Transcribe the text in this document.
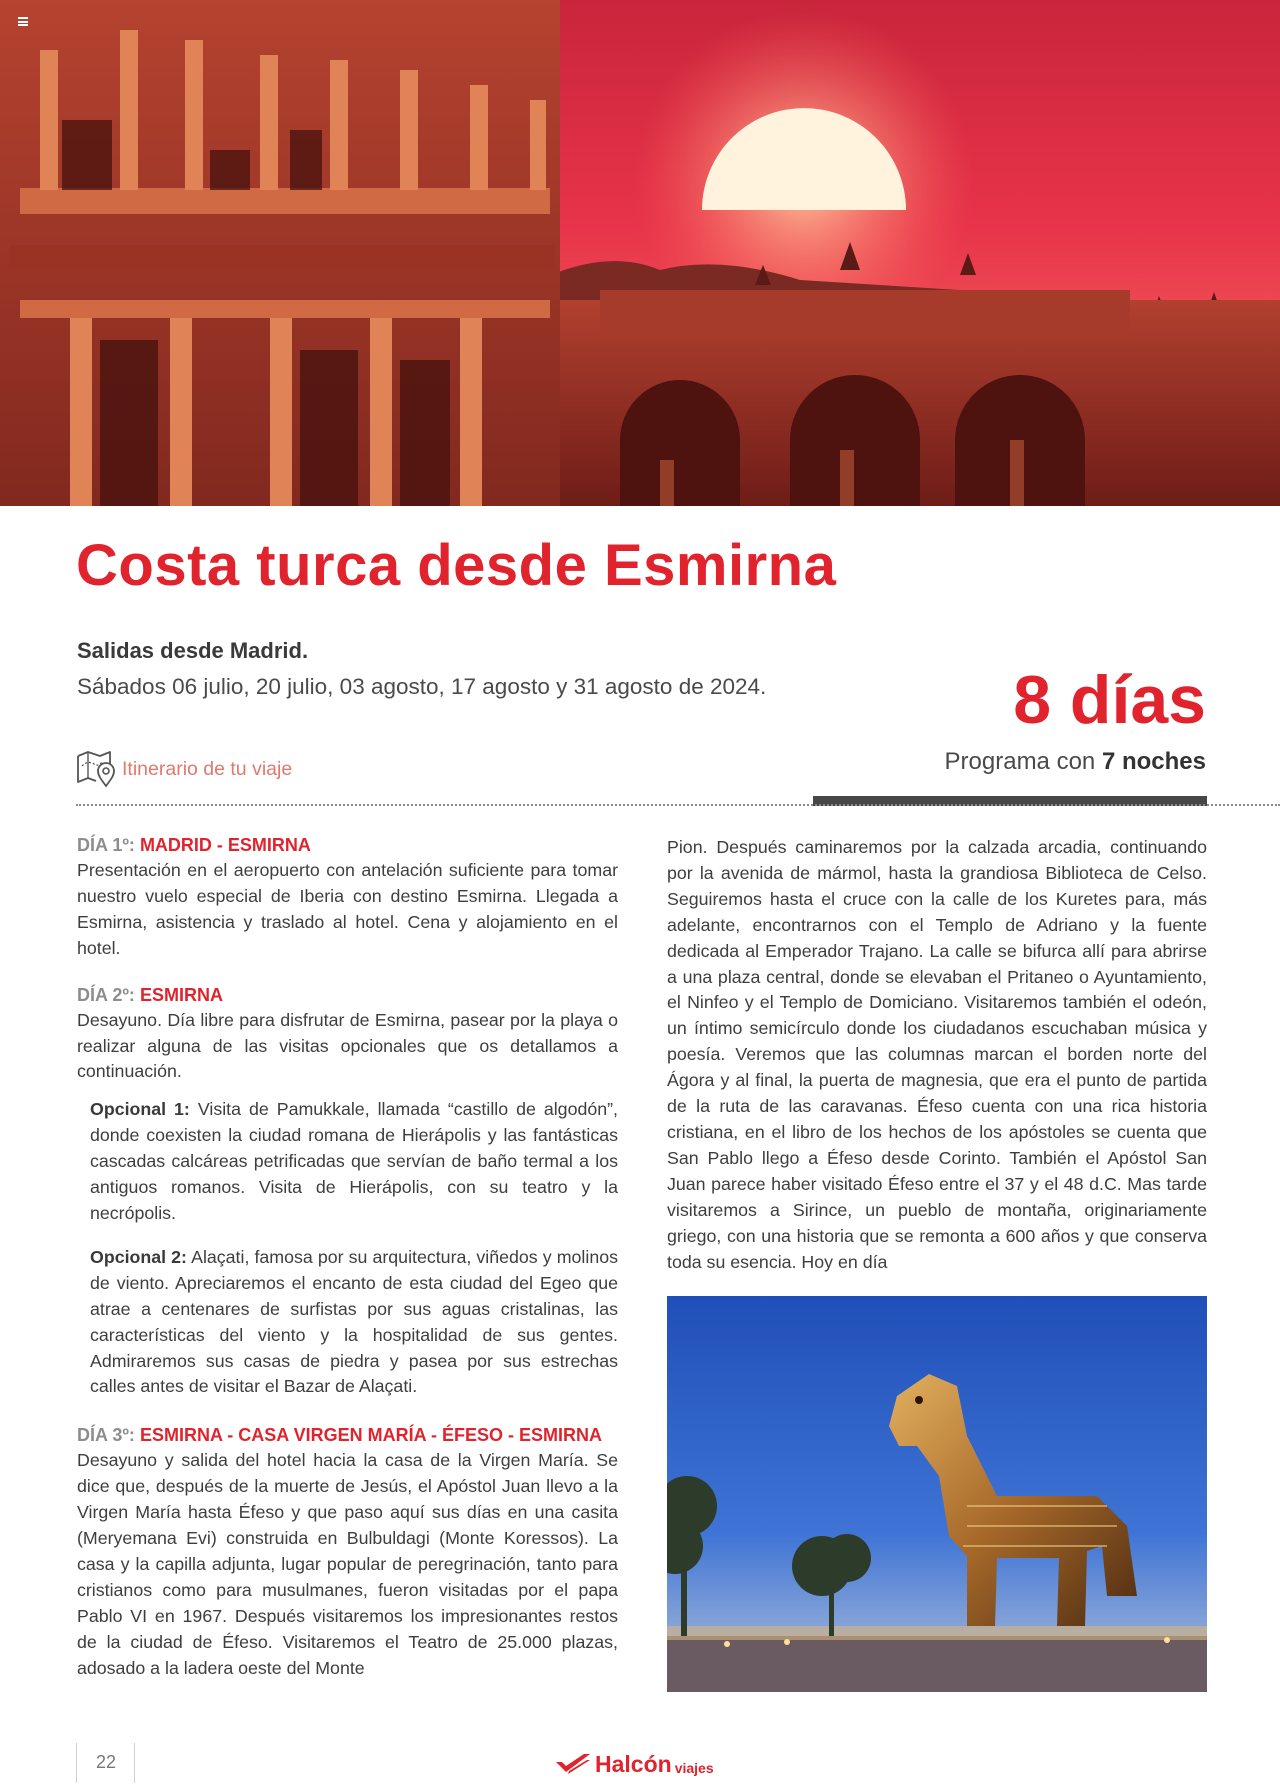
Costa turca desde Esmirna
Salidas desde Madrid.
Sábados 06 julio, 20 julio, 03 agosto, 17 agosto y 31 agosto de 2024.	8 días
Programa con 7 noches
Itinerario de tu viaje
DÍA 1º: MADRID - ESMIRNA

Presentación en el aeropuerto con antelación suficiente para tomar nuestro vuelo especial de Iberia con destino Esmirna. Llegada a Esmirna, asistencia y traslado al hotel. Cena y alojamiento en el hotel.

DÍA 2º: ESMIRNA

Desayuno. Día libre para disfrutar de Esmirna, pasear por la playa o realizar alguna de las visitas opcionales que os detallamos a continuación.

Opcional 1: Visita de Pamukkale, llamada “castillo de algodón”, donde coexisten la ciudad romana de Hierápolis y las fantásticas cascadas calcáreas petrificadas que servían de baño termal a los antiguos romanos. Visita de Hierápolis, con su teatro y la necrópolis.

Opcional 2: Alaçati, famosa por su arquitectura, viñedos y molinos de viento. Apreciaremos el encanto de esta ciudad del Egeo que atrae a centenares de surfistas por sus aguas cristalinas, las características del viento y la hospitalidad de sus gentes. Admiraremos sus casas de piedra y pasea por sus estrechas calles antes de visitar el Bazar de Alaçati.

DÍA 3º: ESMIRNA - CASA VIRGEN MARÍA - ÉFESO - ESMIRNA

Desayuno y salida del hotel hacia la casa de la Virgen María. Se dice que, después de la muerte de Jesús, el Apóstol Juan llevo a la Virgen María hasta Éfeso y que paso aquí sus días en una casita (Meryemana Evi) construida en Bulbuldagi (Monte Koressos). La casa y la capilla adjunta, lugar popular de peregrinación, tanto para cristianos como para musulmanes, fueron visitadas por el papa Pablo VI en 1967. Después visitaremos los impresionantes restos de la ciudad de Éfeso. Visitaremos el Teatro de 25.000 plazas, adosado a la ladera oeste del Monte

Pion. Después caminaremos por la calzada arcadia, continuando por la avenida de mármol, hasta la grandiosa Biblioteca de Celso. Seguiremos hasta el cruce con la calle de los Kuretes para, más adelante, encontrarnos con el Templo de Adriano y la fuente dedicada al Emperador Trajano. La calle se bifurca allí para abrirse a una plaza central, donde se elevaban el Pritaneo o Ayuntamiento, el Ninfeo y el Templo de Domiciano. Visitaremos también el odeón, un íntimo semicírculo donde los ciudadanos escuchaban música y poesía. Veremos que las columnas marcan el borden norte del Ágora y al final, la puerta de magnesia, que era el punto de partida de la ruta de las caravanas. Éfeso cuenta con una rica historia cristiana, en el libro de los hechos de los apóstoles se cuenta que San Pablo llego a Éfeso desde Corinto. También el Apóstol San Juan parece haber visitado Éfeso entre el 37 y el 48 d.C. Mas tarde visitaremos a Sirince, un pueblo de montaña, originariamente griego, con una historia que se remonta a 600 años y que conserva toda su esencia. Hoy en día

22	Halcón viajes
